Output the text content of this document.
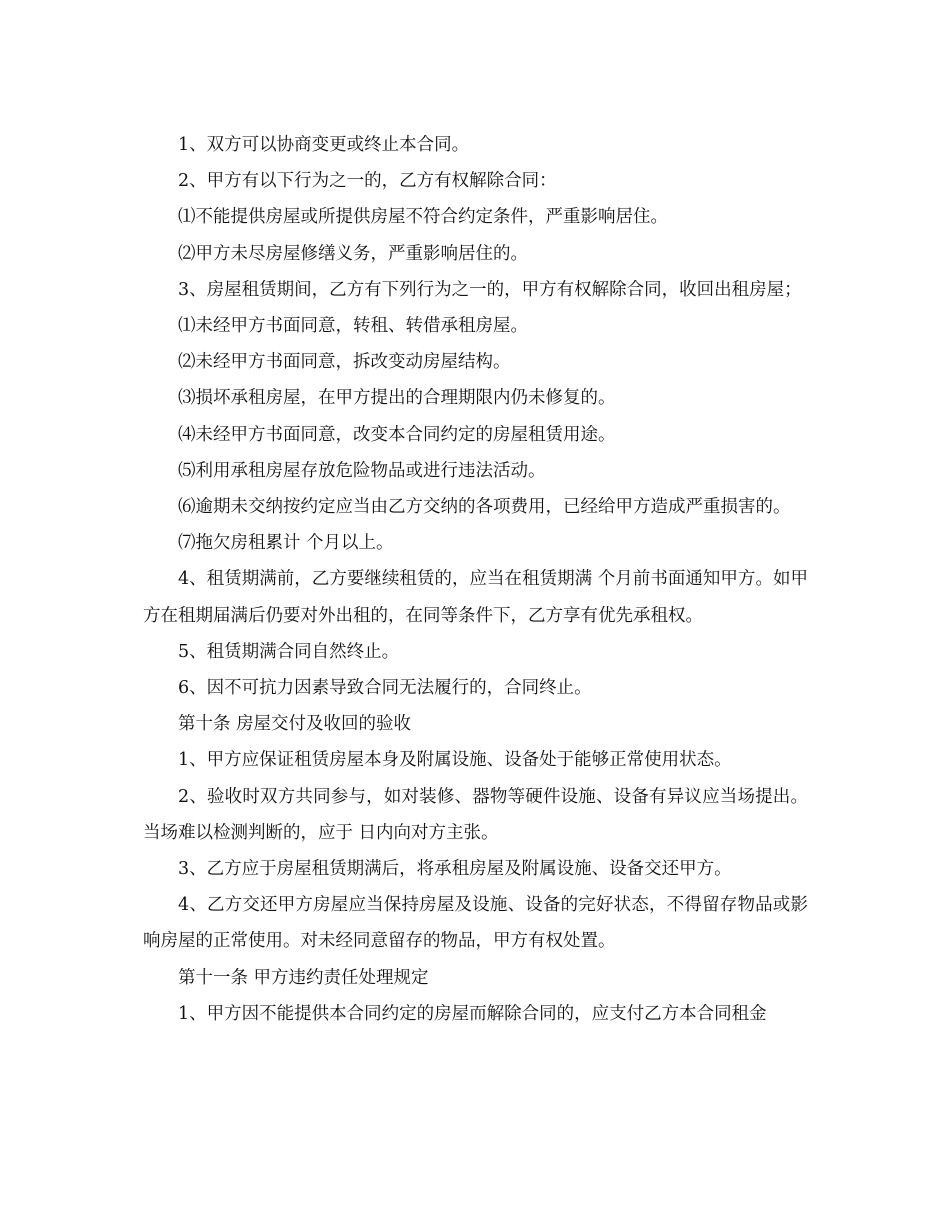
1、双方可以协商变更或终止本合同。

2、甲方有以下行为之一的，乙方有权解除合同：

⑴不能提供房屋或所提供房屋不符合约定条件，严重影响居住。

⑵甲方未尽房屋修缮义务，严重影响居住的。

3、房屋租赁期间，乙方有下列行为之一的，甲方有权解除合同，收回出租房屋；

⑴未经甲方书面同意，转租、转借承租房屋。

⑵未经甲方书面同意，拆改变动房屋结构。

⑶损坏承租房屋，在甲方提出的合理期限内仍未修复的。

⑷未经甲方书面同意，改变本合同约定的房屋租赁用途。

⑸利用承租房屋存放危险物品或进行违法活动。

⑹逾期未交纳按约定应当由乙方交纳的各项费用，已经给甲方造成严重损害的。

⑺拖欠房租累计 个月以上。

4、租赁期满前，乙方要继续租赁的，应当在租赁期满 个月前书面通知甲方。如甲方在租期届满后仍要对外出租的，在同等条件下，乙方享有优先承租权。

5、租赁期满合同自然终止。

6、因不可抗力因素导致合同无法履行的，合同终止。

第十条 房屋交付及收回的验收

1、甲方应保证租赁房屋本身及附属设施、设备处于能够正常使用状态。

2、验收时双方共同参与，如对装修、器物等硬件设施、设备有异议应当场提出。当场难以检测判断的，应于 日内向对方主张。

3、乙方应于房屋租赁期满后，将承租房屋及附属设施、设备交还甲方。

4、乙方交还甲方房屋应当保持房屋及设施、设备的完好状态，不得留存物品或影响房屋的正常使用。对未经同意留存的物品，甲方有权处置。

第十一条 甲方违约责任处理规定

1、甲方因不能提供本合同约定的房屋而解除合同的，应支付乙方本合同租金
